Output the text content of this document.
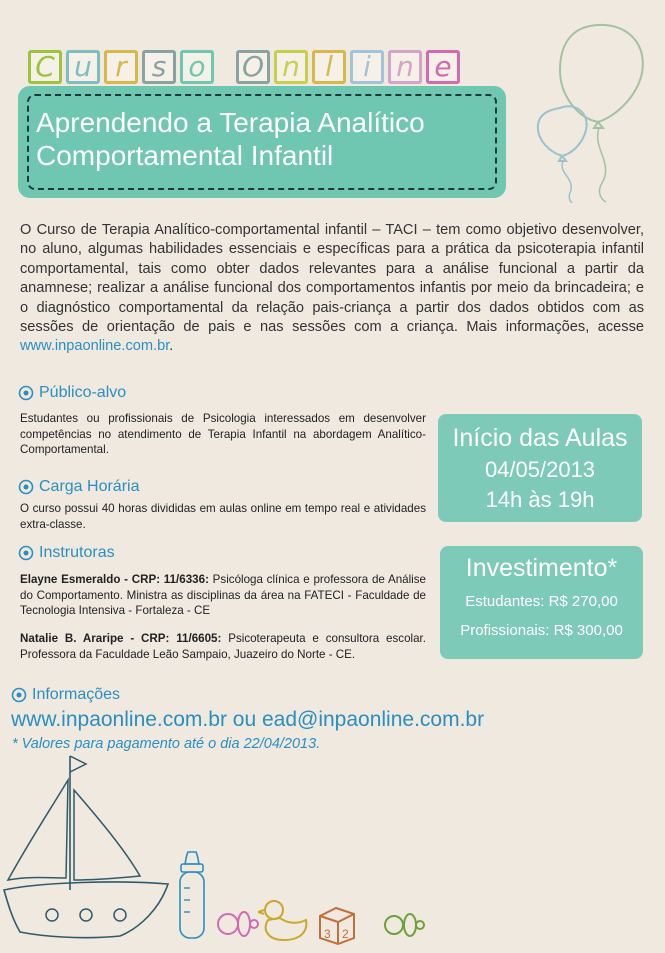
C u r s o	O n l	i n e
Aprendendo a Terapia Analítico
Comportamental Infantil
O Curso de Terapia Analítico-comportamental infantil – TACI – tem como objetivo desenvolver, no aluno, algumas habilidades essenciais e específicas para a prática da psicoterapia infantil comportamental, tais como obter dados relevantes para a análise funcional a partir da anamnese; realizar a análise funcional dos comportamentos infantis por meio da brincadeira; e o diagnóstico comportamental da relação pais-criança a partir dos dados obtidos com as sessões de orientação de pais e nas sessões com a criança. Mais informações, acesse www.inpaonline.com.br.
Público-alvo
Estudantes ou profissionais de Psicologia interessados em desenvolver competências no atendimento de Terapia Infantil na abordagem Analítico-Comportamental.
Carga Horária
O curso possui 40 horas divididas em aulas online em tempo real e atividades extra-classe.
Instrutoras
Elayne Esmeraldo - CRP: 11/6336: Psicóloga clínica e professora de Análise do Comportamento. Ministra as disciplinas da área na FATECI - Faculdade de Tecnologia Intensiva - Fortaleza - CE
Natalie B. Araripe - CRP: 11/6605: Psicoterapeuta e consultora escolar. Professora da Faculdade Leão Sampaio, Juazeiro do Norte - CE.
Início das Aulas
04/05/2013
14h às 19h
Investimento*
Estudantes: R$ 270,00
Profissionais: R$ 300,00
Informações
www.inpaonline.com.br ou ead@inpaonline.com.br
* Valores para pagamento até o dia 22/04/2013.
3 2
